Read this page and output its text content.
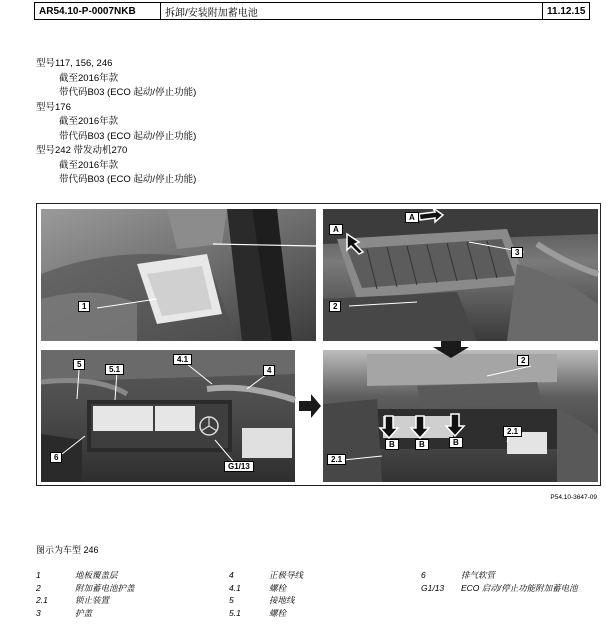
AR54.10-P-0007NKB	拆卸/安装附加蓄电池	11.12.15
型号117, 156, 246
截至2016年款
带代码B03 (ECO 起动/停止功能)
型号176
截至2016年款
带代码B03 (ECO 起动/停止功能)
型号242 带发动机270
截至2016年款
带代码B03 (ECO 起动/停止功能)
1
3
A
A
2
2
2.1
2.1
B	B	B
5
5.1
4.1
4
6
G1/13
P54.10-3647-09
图示为车型 246
1	地板覆盖层
2	附加蓄电池护盖
2.1	锁止装置
3	护盖
4	正极导线
4.1	螺栓
5	接地线
5.1	螺栓
6	排气软管
G1/13	ECO 启动/停止功能附加蓄电池
